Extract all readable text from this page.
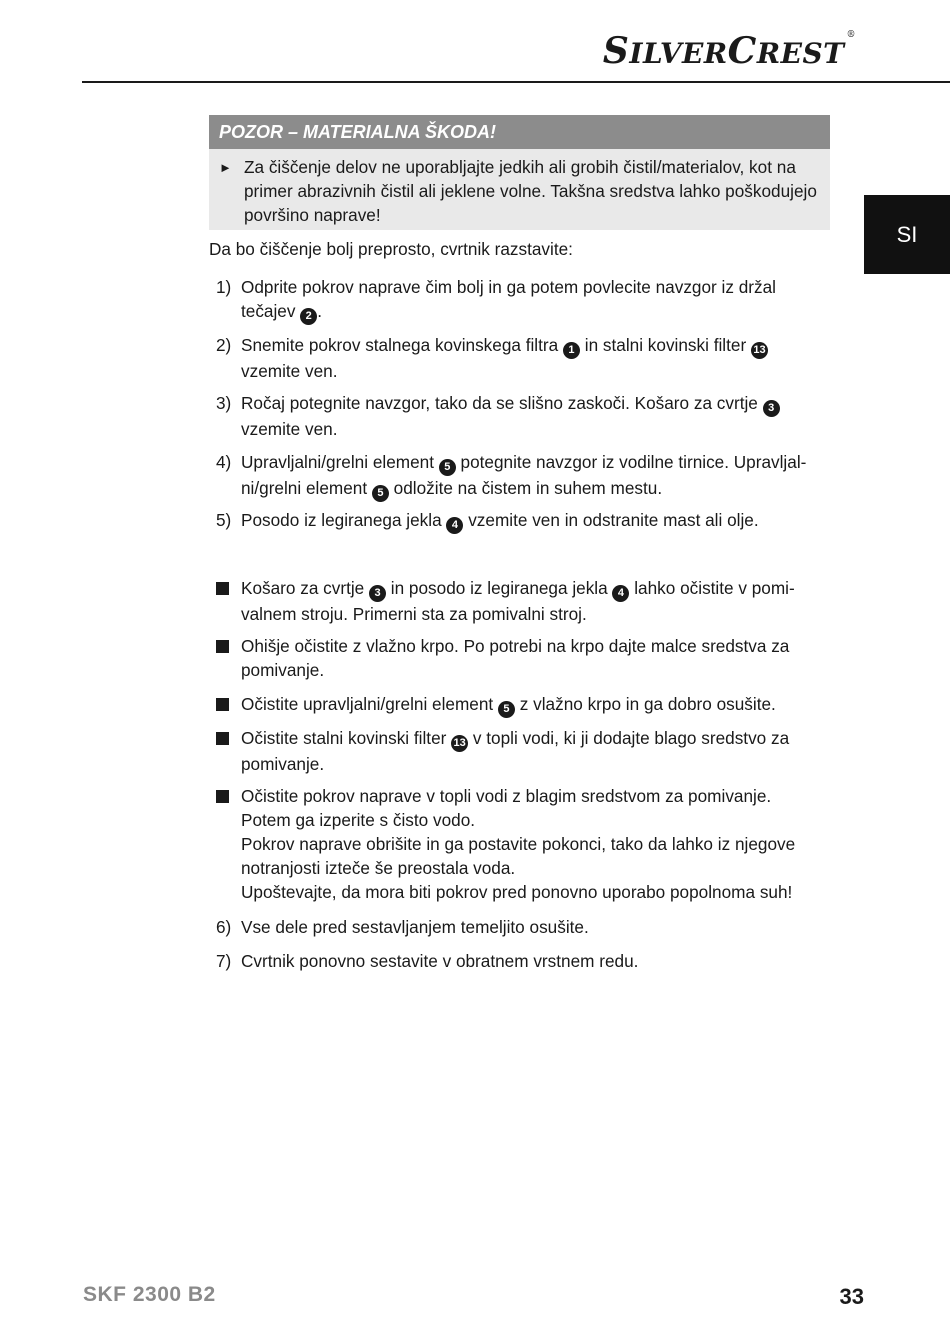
SILVERCREST®
SI
POZOR – MATERIALNA ŠKODA!
► Za čiščenje delov ne uporabljajte jedkih ali grobih čistil/materialov, kot na primer abrazivnih čistil ali jeklene volne. Takšna sredstva lahko poškodujejo površino naprave!
Da bo čiščenje bolj preprosto, cvrtnik razstavite:
1) Odprite pokrov naprave čim bolj in ga potem povlecite navzgor iz držal tečajev 2 .
2) Snemite pokrov stalnega kovinskega filtra 1 in stalni kovinski filter 13 vzemite ven.
3) Ročaj potegnite navzgor, tako da se slišno zaskoči. Košaro za cvrtje 3 vzemite ven.
4) Upravljalni/grelni element 5 potegnite navzgor iz vodilne tirnice. Upravljalni/grelni element 5 odložite na čistem in suhem mestu.
5) Posodo iz legiranega jekla 4 vzemite ven in odstranite mast ali olje.
Košaro za cvrtje 3 in posodo iz legiranega jekla 4 lahko očistite v pomivalnem stroju. Primerni sta za pomivalni stroj.
Ohišje očistite z vlažno krpo. Po potrebi na krpo dajte malce sredstva za pomivanje.
Očistite upravljalni/grelni element 5 z vlažno krpo in ga dobro osušite.
Očistite stalni kovinski filter 13 v topli vodi, ki ji dodajte blago sredstvo za pomivanje.
Očistite pokrov naprave v topli vodi z blagim sredstvom za pomivanje.
Potem ga izperite s čisto vodo.
Pokrov naprave obrišite in ga postavite pokonci, tako da lahko iz njegove notranjosti izteče še preostala voda.
Upoštevajte, da mora biti pokrov pred ponovno uporabo popolnoma suh!
6) Vse dele pred sestavljanjem temeljito osušite.
7) Cvrtnik ponovno sestavite v obratnem vrstnem redu.
SKF 2300 B2	33
